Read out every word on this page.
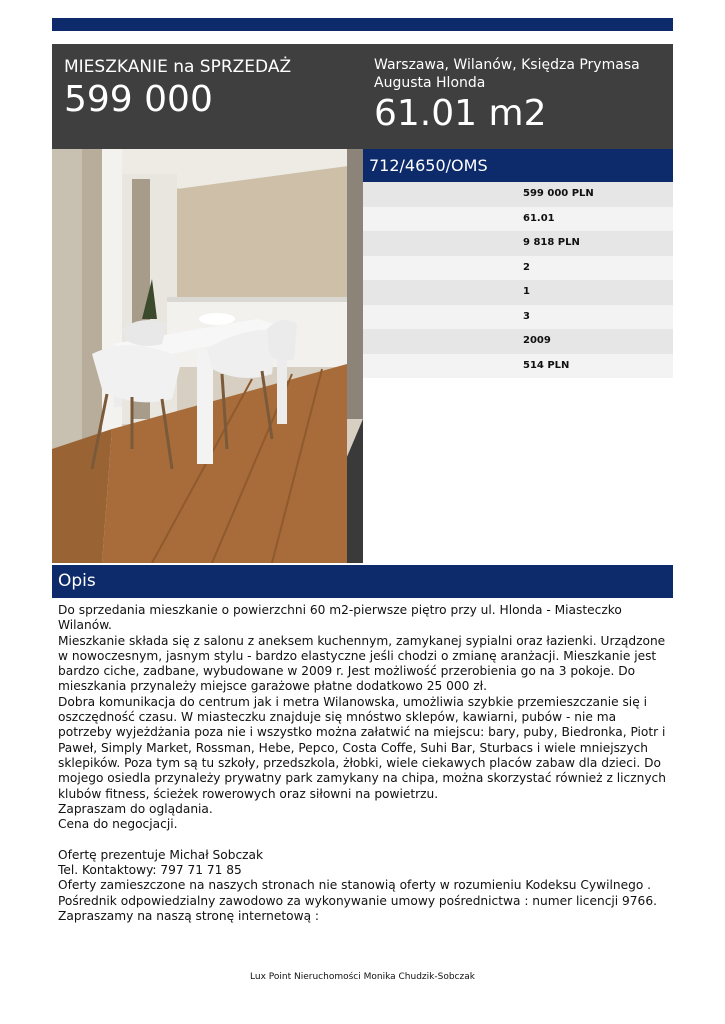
MIESZKANIE na SPRZEDAŻ
599 000
Warszawa, Wilanów, Księdza Prymasa Augusta Hlonda
61.01 m2
712/4650/OMS
599 000 PLN
61.01
9 818 PLN
2
1
3
2009
514 PLN
Opis
Do sprzedania mieszkanie o powierzchni 60 m2-pierwsze piętro przy ul. Hlonda - Miasteczko Wilanów.
Mieszkanie składa się z salonu z aneksem kuchennym, zamykanej sypialni oraz łazienki. Urządzone w nowoczesnym, jasnym stylu - bardzo elastyczne jeśli chodzi o zmianę aranżacji. Mieszkanie jest bardzo ciche, zadbane, wybudowane w 2009 r. Jest możliwość przerobienia go na 3 pokoje. Do mieszkania przynależy miejsce garażowe płatne dodatkowo 25 000 zł.
Dobra komunikacja do centrum jak i metra Wilanowska, umożliwia szybkie przemieszczanie się i oszczędność czasu. W miasteczku znajduje się mnóstwo sklepów, kawiarni, pubów - nie ma potrzeby wyjeżdżania poza nie i wszystko można załatwić na miejscu: bary, puby, Biedronka, Piotr i Paweł, Simply Market, Rossman, Hebe, Pepco, Costa Coffe, Suhi Bar, Sturbacs i wiele mniejszych sklepików. Poza tym są tu szkoły, przedszkola, żłobki, wiele ciekawych placów zabaw dla dzieci. Do mojego osiedla przynależy prywatny park zamykany na chipa, można skorzystać również z licznych klubów fitness, ścieżek rowerowych oraz siłowni na powietrzu.
Zapraszam do oglądania.
Cena do negocjacji.

Ofertę prezentuje Michał Sobczak
Tel. Kontaktowy: 797 71 71 85
Oferty zamieszczone na naszych stronach nie stanowią oferty w rozumieniu Kodeksu Cywilnego .
Pośrednik odpowiedzialny zawodowo za wykonywanie umowy pośrednictwa : numer licencji 9766.
Zapraszamy na naszą stronę internetową :
Lux Point Nieruchomości Monika Chudzik-Sobczak
